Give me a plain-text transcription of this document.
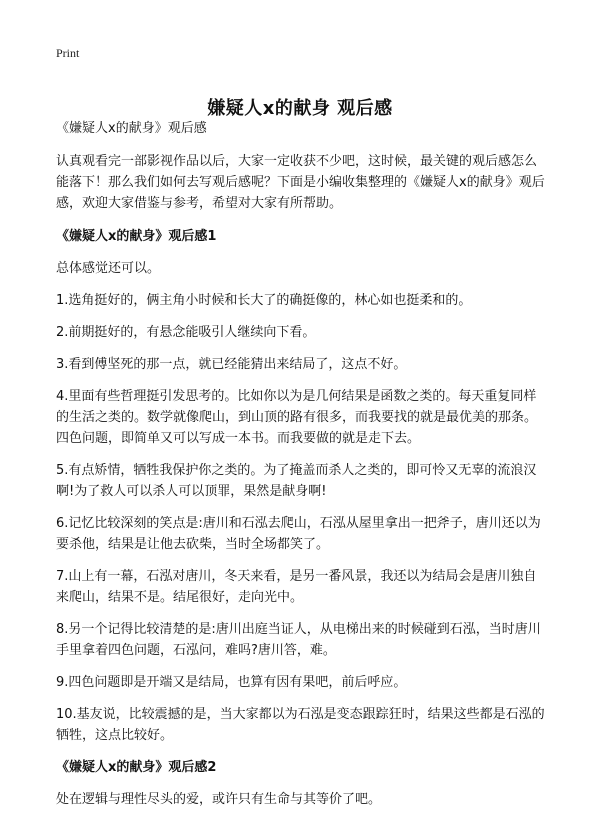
Print
嫌疑人x的献身 观后感

《嫌疑人x的献身》观后感

认真观看完一部影视作品以后，大家一定收获不少吧，这时候，最关键的观后感怎么能落下！那么我们如何去写观后感呢？下面是小编收集整理的《嫌疑人x的献身》观后感，欢迎大家借鉴与参考，希望对大家有所帮助。

《嫌疑人x的献身》观后感1

总体感觉还可以。

1.选角挺好的，俩主角小时候和长大了的确挺像的，林心如也挺柔和的。

2.前期挺好的，有悬念能吸引人继续向下看。

3.看到傅坚死的那一点，就已经能猜出来结局了，这点不好。

4.里面有些哲理挺引发思考的。比如你以为是几何结果是函数之类的。每天重复同样的生活之类的。数学就像爬山，到山顶的路有很多，而我要找的就是最优美的那条。四色问题，即简单又可以写成一本书。而我要做的就是走下去。

5.有点矫情，牺牲我保护你之类的。为了掩盖而杀人之类的，即可怜又无辜的流浪汉啊!为了救人可以杀人可以顶罪，果然是献身啊!

6.记忆比较深刻的笑点是:唐川和石泓去爬山，石泓从屋里拿出一把斧子，唐川还以为要杀他，结果是让他去砍柴，当时全场都笑了。

7.山上有一幕，石泓对唐川，冬天来看，是另一番风景，我还以为结局会是唐川独自来爬山，结果不是。结尾很好，走向光中。

8.另一个记得比较清楚的是:唐川出庭当证人，从电梯出来的时候碰到石泓，当时唐川手里拿着四色问题，石泓问，难吗?唐川答，难。

9.四色问题即是开端又是结局，也算有因有果吧，前后呼应。

10.基友说，比较震撼的是，当大家都以为石泓是变态跟踪狂时，结果这些都是石泓的牺牲，这点比较好。

《嫌疑人x的献身》观后感2

处在逻辑与理性尽头的爱，或许只有生命与其等价了吧。
